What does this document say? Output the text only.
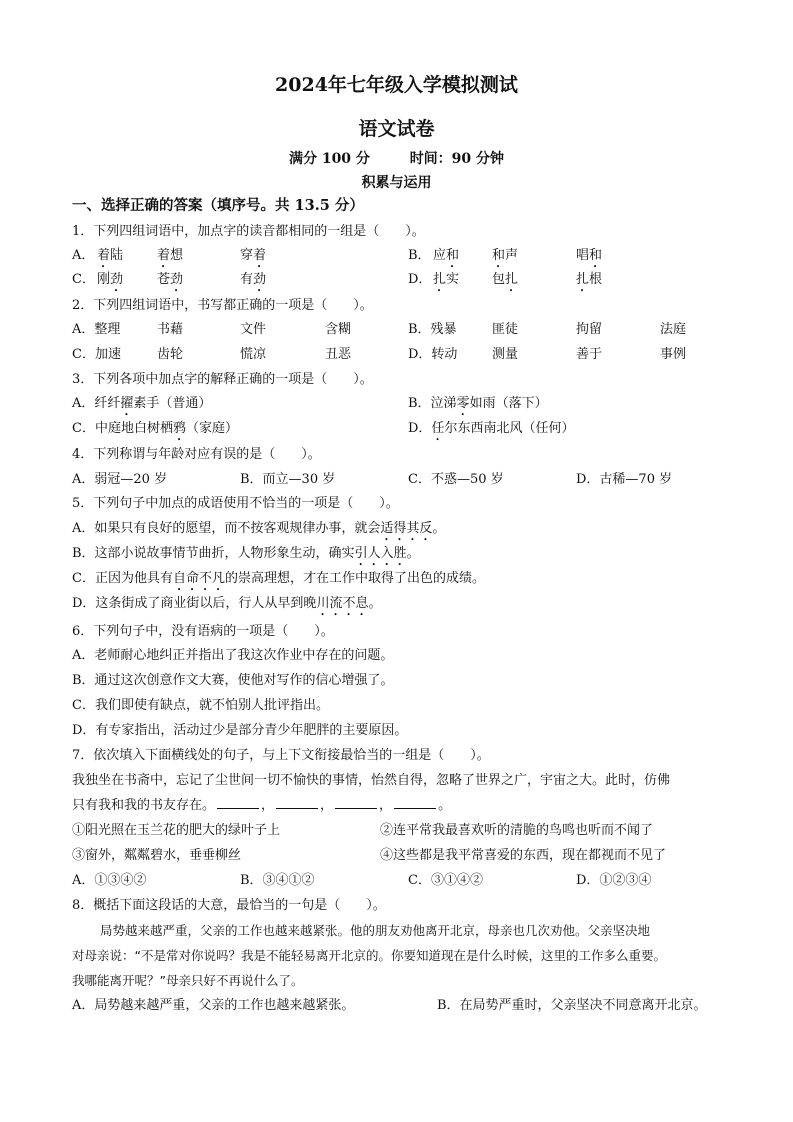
2024年七年级入学模拟测试
语文试卷
满分 100 分	时间：90 分钟
积累与运用
一、选择正确的答案（填序号。共 13.5 分）
1．下列四组词语中，加点字的读音都相同的一组是（　　）。
A． 着陆	着想	穿着	B． 应和	和声	唱和
C． 刚劲	苍劲	有劲	D． 扎实	包扎	扎根
2．下列四组词语中，书写都正确的一项是（　　）。
A．整理	书藉	文件	含糊	B．残暴	匪徒	拘留	法庭
C．加速	齿轮	慌凉	丑恶	D．转动	测量	善于	事例
3．下列各项中加点字的解释正确的一项是（　　）。
A．纤纤擢素手（普通）	B．泣涕零如雨（落下）
C．中庭地白树栖鸦（家庭）	D．任尔东西南北风（任何）
4．下列称谓与年龄对应有误的是（　　）。
A．弱冠—20 岁	B．而立—30 岁	C．不惑—50 岁	D．古稀—70 岁
5．下列句子中加点的成语使用不恰当的一项是（　　）。
A．如果只有良好的愿望，而不按客观规律办事，就会适得其反。
B．这部小说故事情节曲折，人物形象生动，确实引人入胜。
C．正因为他具有自命不凡的崇高理想，才在工作中取得了出色的成绩。
D．这条街成了商业街以后，行人从早到晚川流不息。
6．下列句子中，没有语病的一项是（　　）。
A．老师耐心地纠正并指出了我这次作业中存在的问题。
B．通过这次创意作文大赛，使他对写作的信心增强了。
C．我们即使有缺点，就不怕别人批评指出。
D．有专家指出，活动过少是部分青少年肥胖的主要原因。
7．依次填入下面横线处的句子，与上下文衔接最恰当的一组是（　　）。
我独坐在书斋中，忘记了尘世间一切不愉快的事情，怡然自得，忽略了世界之广，宇宙之大。此时，仿佛
只有我和我的书友存在。	，	，	，	。
①阳光照在玉兰花的肥大的绿叶子上	②连平常我最喜欢听的清脆的鸟鸣也听而不闻了
③窗外，粼粼碧水，垂垂柳丝	④这些都是我平常喜爱的东西，现在都视而不见了
A．①③④②	B．③④①②	C．③①④②	D．①②③④
8．概括下面这段话的大意，最恰当的一句是（　　）。
局势越来越严重，父亲的工作也越来越紧张。他的朋友劝他离开北京，母亲也几次劝他。父亲坚决地
对母亲说：“不是常对你说吗？我是不能轻易离开北京的。你要知道现在是什么时候，这里的工作多么重要。
我哪能离开呢？”母亲只好不再说什么了。
A．局势越来越严重，父亲的工作也越来越紧张。	B．在局势严重时，父亲坚决不同意离开北京。
